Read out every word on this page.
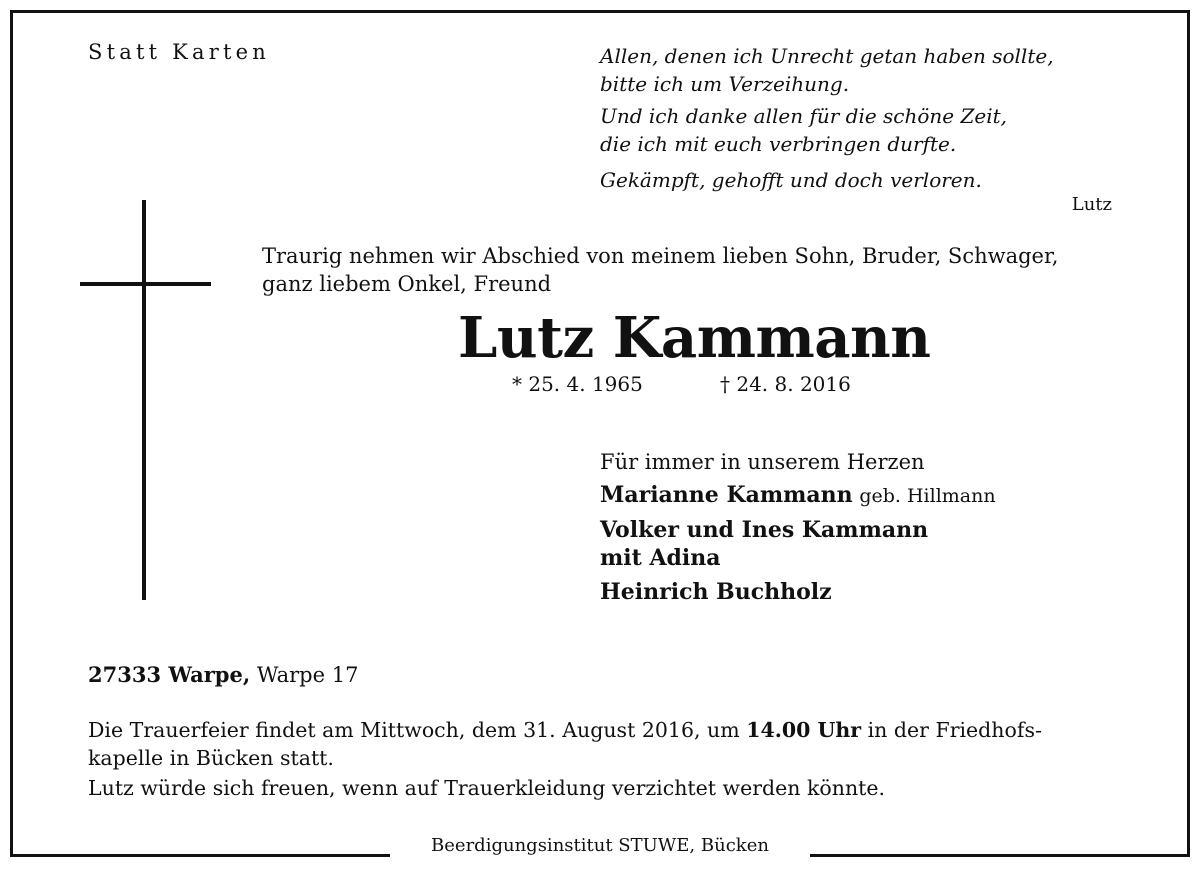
Statt Karten	Allen, denen ich Unrecht getan haben sollte,
bitte ich um Verzeihung.
Und ich danke allen für die schöne Zeit,
die ich mit euch verbringen durfte.
Gekämpft, gehofft und doch verloren.
Lutz
Traurig nehmen wir Abschied von meinem lieben Sohn, Bruder, Schwager,
ganz liebem Onkel, Freund
Lutz Kammann
* 25. 4. 1965	† 24. 8. 2016
Für immer in unserem Herzen
Marianne Kammann geb. Hillmann
Volker und Ines Kammann
mit Adina
Heinrich Buchholz
27333 Warpe, Warpe 17
Die Trauerfeier findet am Mittwoch, dem 31. August 2016, um 14.00 Uhr in der Friedhofs-
kapelle in Bücken statt.
Lutz würde sich freuen, wenn auf Trauerkleidung verzichtet werden könnte.
Beerdigungsinstitut STUWE, Bücken
